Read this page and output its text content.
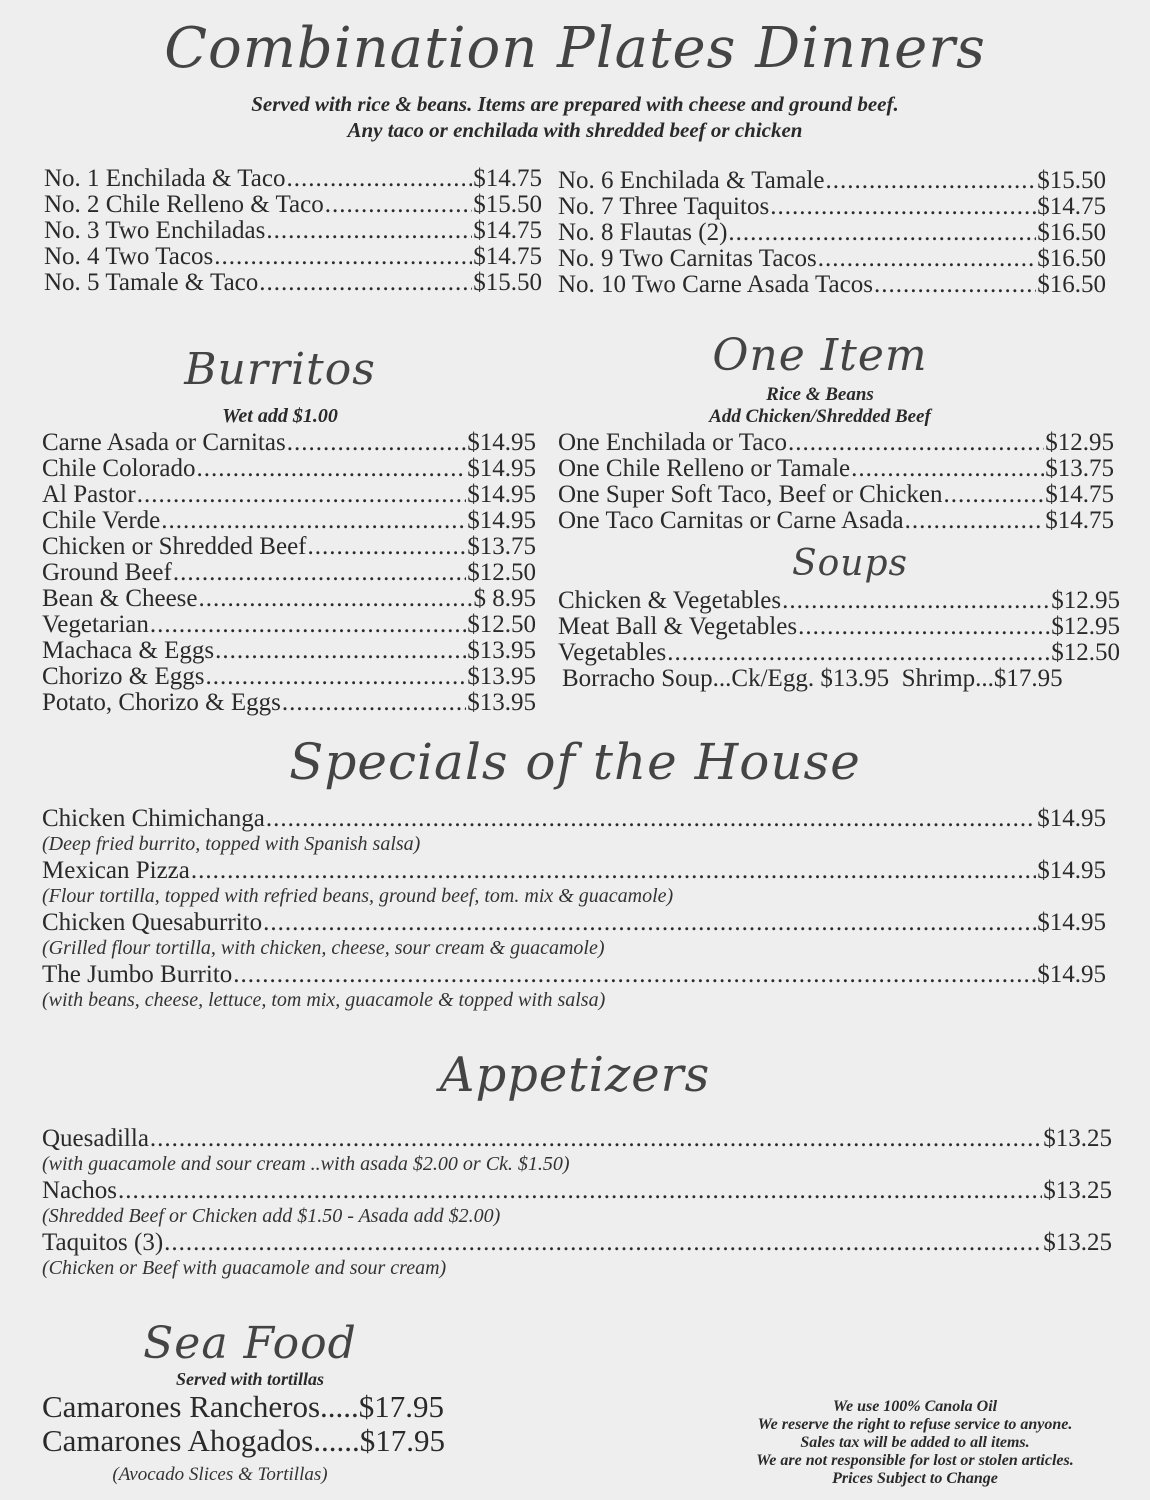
Combination Plates Dinners
Served with rice & beans. Items are prepared with cheese and ground beef.
Any taco or enchilada with shredded beef or chicken
No. 1 Enchilada & Taco .....	$14.75
No. 2 Chile Relleno & Taco .....	$15.50
No. 3 Two Enchiladas .....	$14.75
No. 4 Two Tacos .....	$14.75
No. 5 Tamale & Taco .....	$15.50
No. 6 Enchilada & Tamale .....	$15.50
No. 7 Three Taquitos .....	$14.75
No. 8 Flautas (2) .....	$16.50
No. 9 Two Carnitas Tacos .....	$16.50
No. 10 Two Carne Asada Tacos .....	$16.50
Burritos
Wet add $1.00
Carne Asada or Carnitas .....	$14.95
Chile Colorado .....	$14.95
Al Pastor .....	$14.95
Chile Verde .....	$14.95
Chicken or Shredded Beef .....	$13.75
Ground Beef .....	$12.50
Bean & Cheese .....	$ 8.95
Vegetarian .....	$12.50
Machaca & Eggs .....	$13.95
Chorizo & Eggs .....	$13.95
Potato, Chorizo & Eggs .....	$13.95
One Item
Rice & Beans
Add Chicken/Shredded Beef
One Enchilada or Taco .....	$12.95
One Chile Relleno or Tamale .....	$13.75
One Super Soft Taco, Beef or Chicken .....	$14.75
One Taco Carnitas or Carne Asada .....	$14.75
Soups
Chicken & Vegetables .....	$12.95
Meat Ball & Vegetables .....	$12.95
Vegetables .....	$12.50
Borracho Soup...Ck/Egg. $13.95  Shrimp...$17.95
Specials of the House
Chicken Chimichanga .....	$14.95
(Deep fried burrito, topped with Spanish salsa)
Mexican Pizza .....	$14.95
(Flour tortilla, topped with refried beans, ground beef, tom. mix & guacamole)
Chicken Quesaburrito .....	$14.95
(Grilled flour tortilla, with chicken, cheese, sour cream & guacamole)
The Jumbo Burrito .....	$14.95
(with beans, cheese, lettuce, tom mix, guacamole & topped with salsa)
Appetizers
Quesadilla .....	$13.25
(with guacamole and sour cream ..with asada $2.00 or Ck. $1.50)
Nachos .....	$13.25
(Shredded Beef or Chicken add $1.50 - Asada add $2.00)
Taquitos (3) .....	$13.25
(Chicken or Beef with guacamole and sour cream)
Sea Food
Served with tortillas
Camarones Rancheros.....$17.95
Camarones Ahogados......$17.95
(Avocado Slices & Tortillas)
We use 100% Canola Oil
We reserve the right to refuse service to anyone.
Sales tax will be added to all items.
We are not responsible for lost or stolen articles.
Prices Subject to Change
